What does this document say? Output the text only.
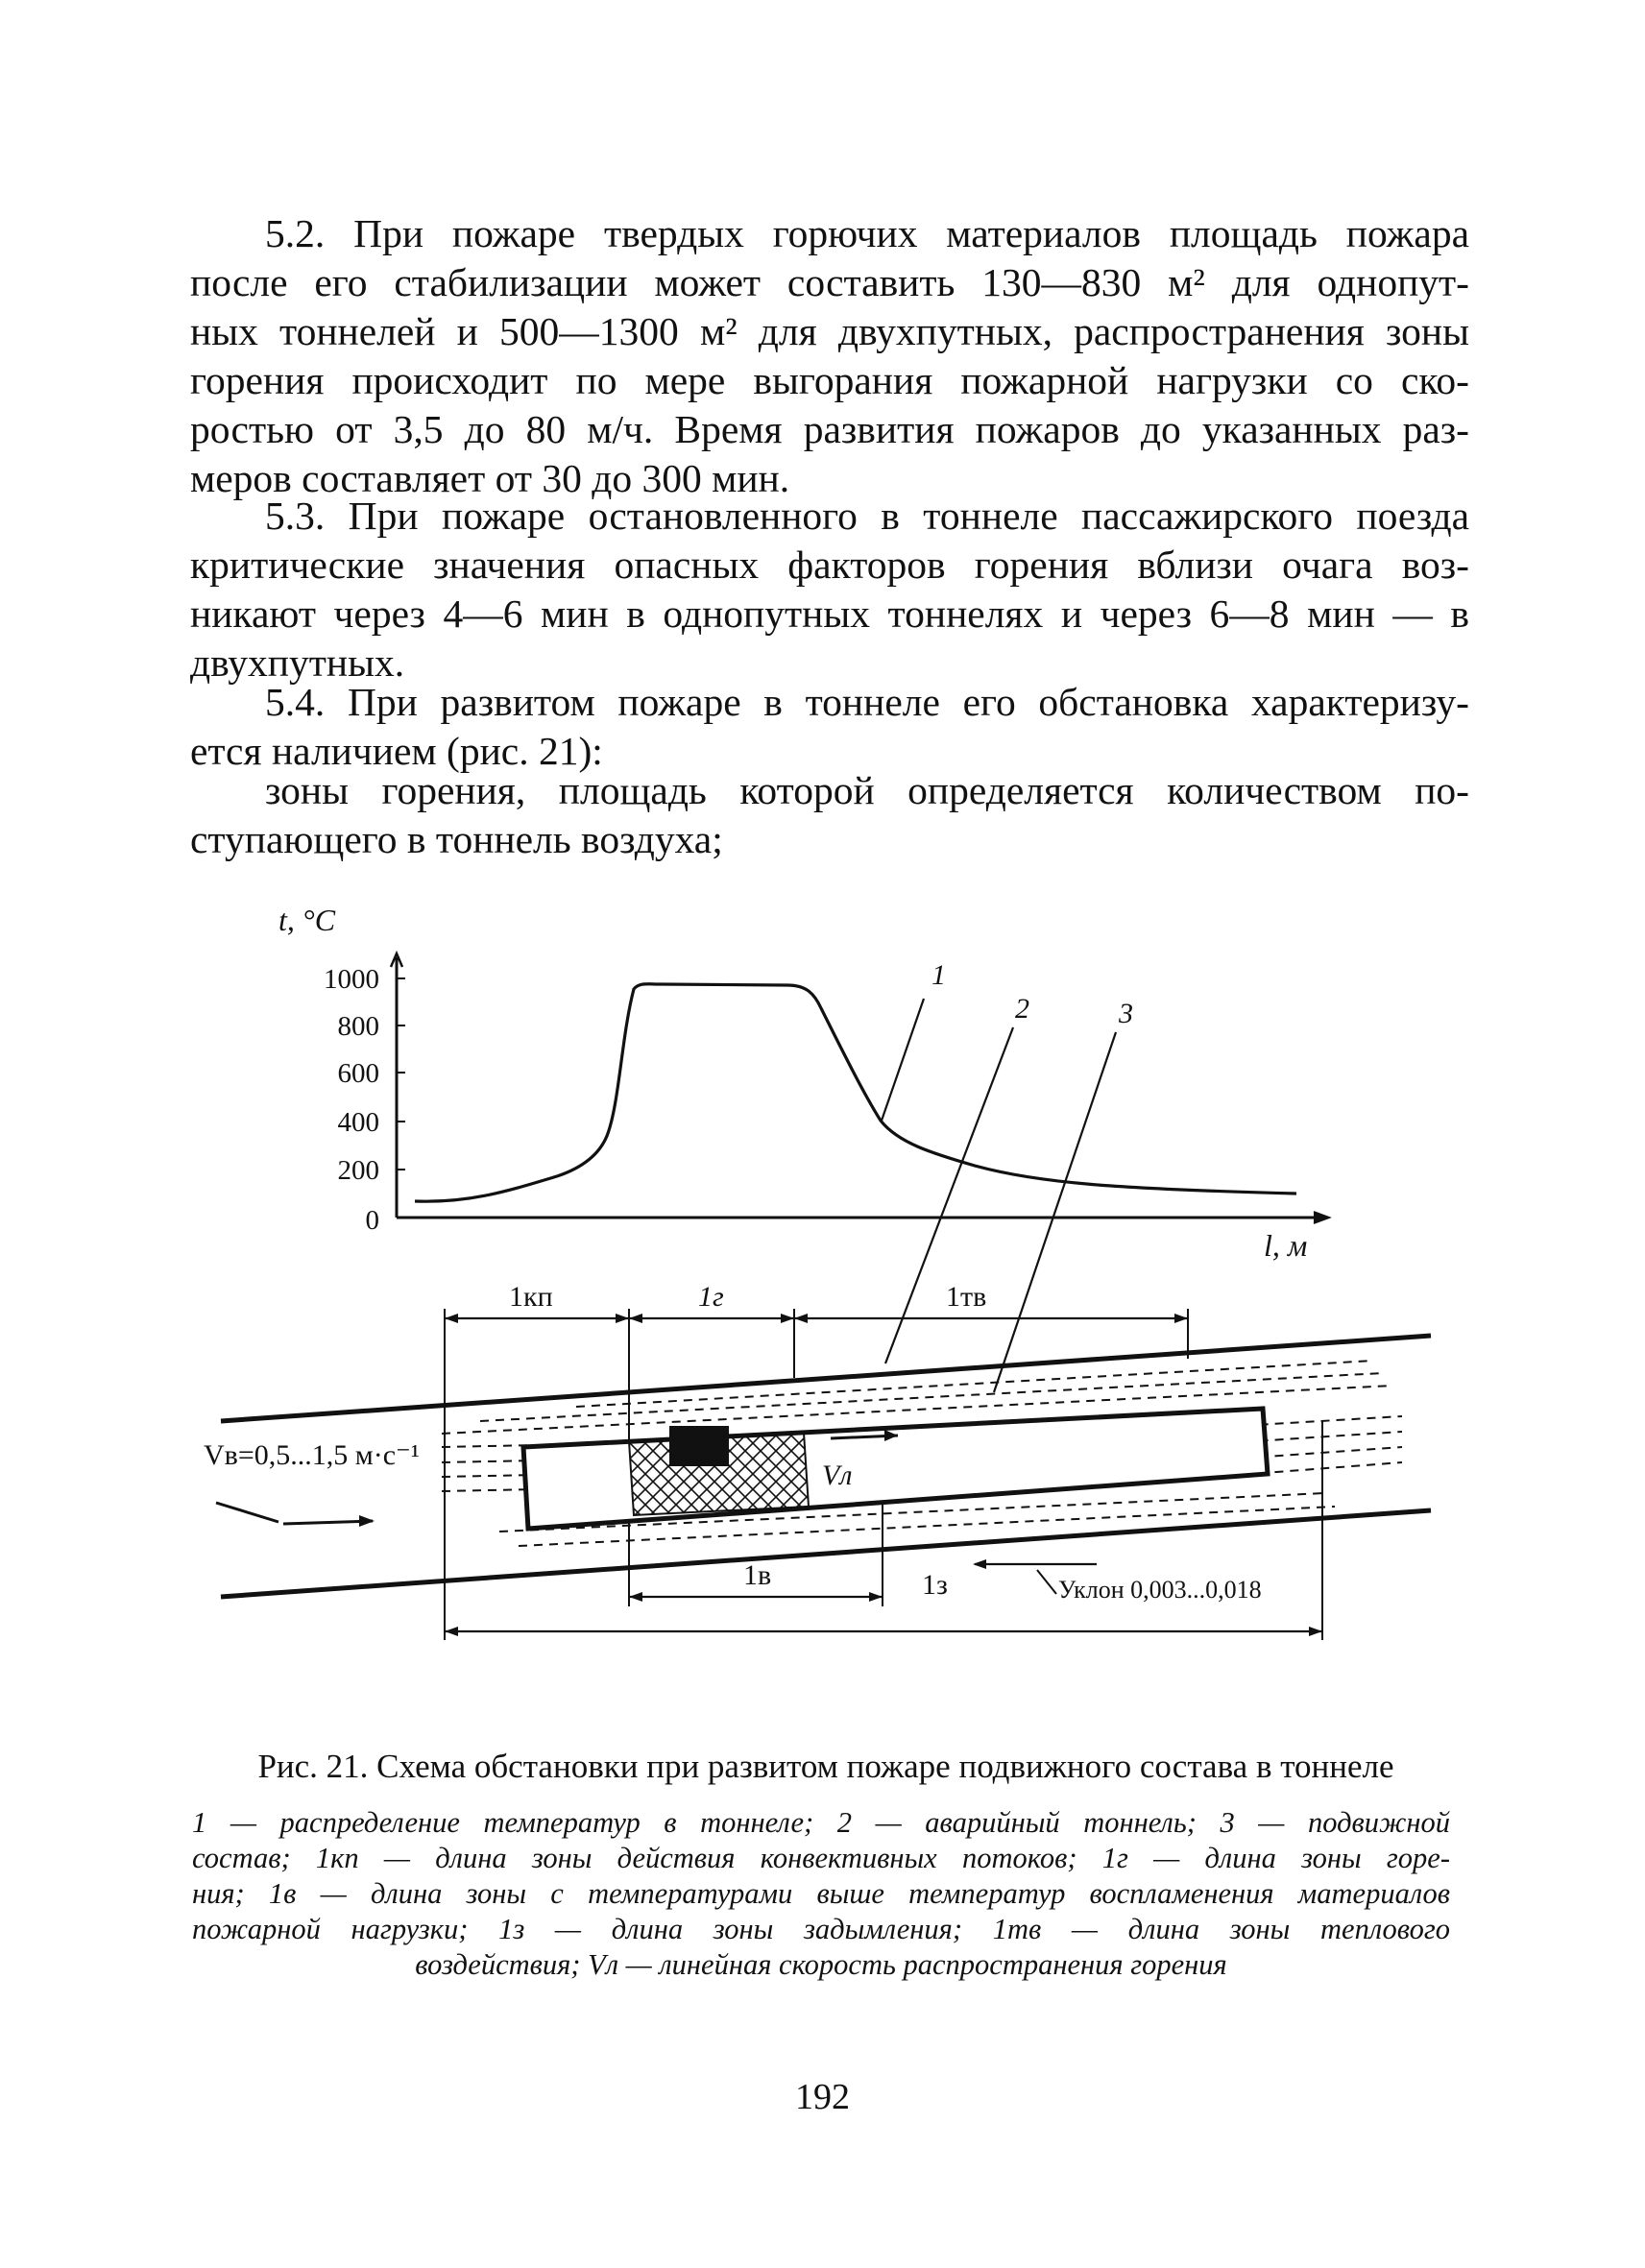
5.2. При пожаре твердых горючих материалов площадь пожара
после его стабилизации может составить 130—830 м² для однопут-
ных тоннелей и 500—1300 м² для двухпутных, распространения зоны
горения происходит по мере выгорания пожарной нагрузки со ско-
ростью от 3,5 до 80 м/ч. Время развития пожаров до указанных раз-
меров составляет от 30 до 300 мин.
5.3. При пожаре остановленного в тоннеле пассажирского поезда
критические значения опасных факторов горения вблизи очага воз-
никают через 4—6 мин в однопутных тоннелях и через 6—8 мин — в
двухпутных.
5.4. При развитом пожаре в тоннеле его обстановка характеризу-
ется наличием (рис. 21):
зоны горения, площадь которой определяется количеством по-
ступающего в тоннель воздуха;
t, °C
1000
800
600
400
200
0
l, м
1
2	3
1кп	1г	1тв
Vл
Vв=0,5...1,5 м·с⁻¹
1в	1з	Уклон 0,003...0,018
Рис. 21. Схема обстановки при развитом пожаре подвижного состава в тоннеле
1 — распределение температур в тоннеле; 2 — аварийный тоннель; 3 — подвижной
состав; 1кп — длина зоны действия конвективных потоков; 1г — длина зоны горе-
ния; 1в — длина зоны с температурами выше температур воспламенения материалов
пожарной нагрузки; 1з — длина зоны задымления; 1тв — длина зоны теплового
воздействия; Vл — линейная скорость распространения горения
192
